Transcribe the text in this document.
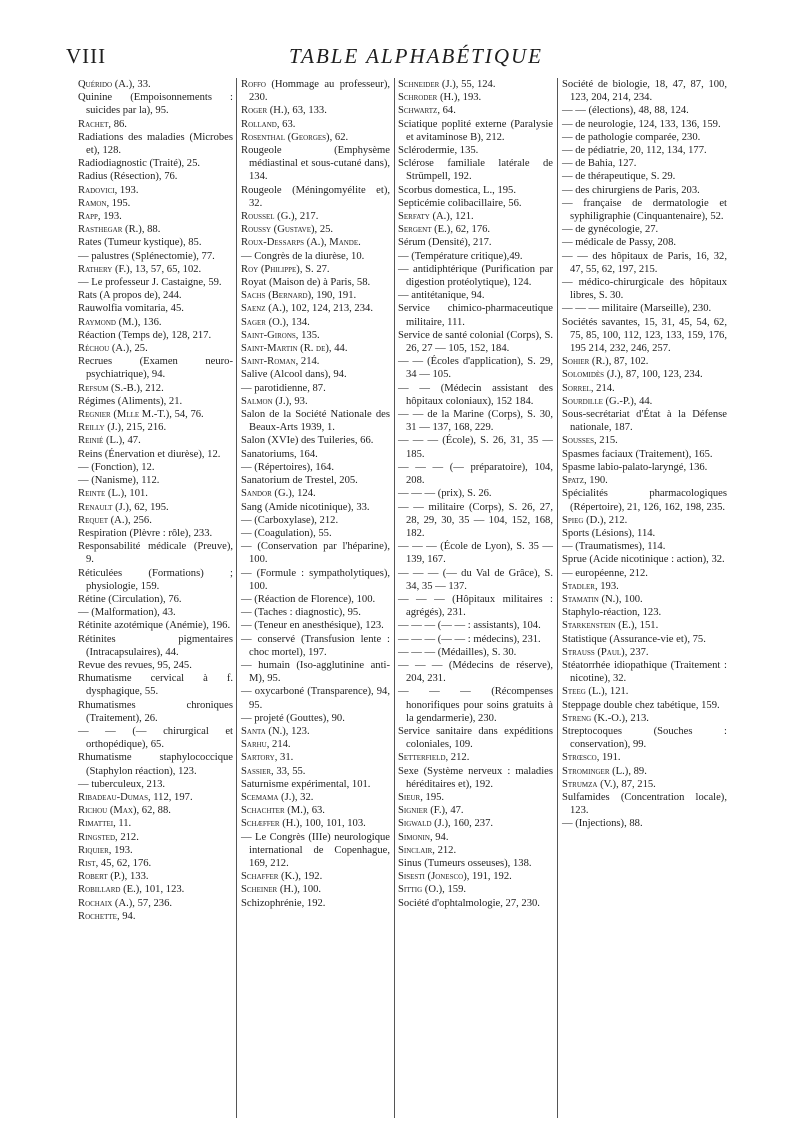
VIII	TABLE ALPHABÉTIQUE
Quérido (A.), 33.
Quinine (Empoisonnements : suicides par la), 95.
Rachet, 86.
Radiations des maladies (Microbes et), 128.
Radiodiagnostic (Traité), 25.
Radius (Résection), 76.
Radovici, 193.
Ramon, 195.
Rapp, 193.
Rasthegar (R.), 88.
Rates (Tumeur kystique), 85.
— palustres (Splénectomie), 77.
Rathery (F.), 13, 57, 65, 102.
— Le professeur J. Castaigne, 59.
Rats (A propos de), 244.
Rauwolfia vomitaria, 45.
Raymond (M.), 136.
Réaction (Temps de), 128, 217.
Réchou (A.), 25.
Recrues (Examen neuro-psychiatrique), 94.
Refsum (S.-B.), 212.
Régimes (Aliments), 21.
Regnier (Mlle M.-T.), 54, 76.
Reilly (J.), 215, 216.
Reinié (L.), 47.
Reins (Énervation et diurèse), 12.
— (Fonction), 12.
— (Nanisme), 112.
Reinte (L.), 101.
Renault (J.), 62, 195.
Requet (A.), 256.
Respiration (Plèvre : rôle), 233.
Responsabilité médicale (Preuve), 9.
Réticulées (Formations) ; physiologie, 159.
Rétine (Circulation), 76.
— (Malformation), 43.
Rétinite azotémique (Anémie), 196.
Rétinites pigmentaires (Intracapsulaires), 44.
Revue des revues, 95, 245.
Rhumatisme cervical à f. dysphagique, 55.
Rhumatismes chroniques (Traitement), 26.
— — (— chirurgical et orthopédique), 65.
Rhumatisme staphylococcique (Staphylon réaction), 123.
— tuberculeux, 213.
Ribadeau-Dumas, 112, 197.
Richou (Max), 62, 88.
Rimattei, 11.
Ringsted, 212.
Riquier, 193.
Rist, 45, 62, 176.
Robert (P.), 133.
Robillard (E.), 101, 123.
Rochaix (A.), 57, 236.
Rochette, 94.
Roffo (Hommage au professeur), 230.
Roger (H.), 63, 133.
Rolland, 63.
Rosenthal (Georges), 62.
Rougeole (Emphysème médiastinal et sous-cutané dans), 134.
Rougeole (Méningomyélite et), 32.
Roussel (G.), 217.
Roussy (Gustave), 25.
Roux-Dessarps (A.), Mande.
— Congrès de la diurèse, 10.
Roy (Philippe), S. 27.
Royat (Maison de) à Paris, 58.
Sachs (Bernard), 190, 191.
Saenz (A.), 102, 124, 213, 234.
Sager (O.), 134.
Saint-Girons, 135.
Saint-Martin (R. de), 44.
Saint-Roman, 214.
Salive (Alcool dans), 94.
— parotidienne, 87.
Salmon (J.), 93.
Salon de la Société Nationale des Beaux-Arts 1939, 1.
Salon (XVIe) des Tuileries, 66.
Sanatoriums, 164.
— (Répertoires), 164.
Sanatorium de Trestel, 205.
Sandor (G.), 124.
Sang (Amide nicotinique), 33.
— (Carboxylase), 212.
— (Coagulation), 55.
— (Conservation par l'héparine), 100.
— (Formule : sympatholytiques), 100.
— (Réaction de Florence), 100.
— (Taches : diagnostic), 95.
— (Teneur en anesthésique), 123.
— conservé (Transfusion lente : choc mortel), 197.
— humain (Iso-agglutinine anti-M), 95.
— oxycarboné (Transparence), 94, 95.
— projeté (Gouttes), 90.
Santa (N.), 123.
Sarhu, 214.
Sartory, 31.
Sassier, 33, 55.
Saturnisme expérimental, 101.
Scemama (J.), 32.
Schachter (M.), 63.
Schæffer (H.), 100, 101, 103.
— Le Congrès (IIIe) neurologique international de Copenhague, 169, 212.
Schaffer (K.), 192.
Scheiner (H.), 100.
Schizophrénie, 192.
Schneider (J.), 55, 124.
Schroder (H.), 193.
Schwartz, 64.
Sciatique poplité externe (Paralysie et avitaminose B), 212.
Sclérodermie, 135.
Sclérose familiale latérale de Strümpell, 192.
Scorbus domestica, L., 195.
Septicémie colibacillaire, 56.
Serfaty (A.), 121.
Sergent (E.), 62, 176.
Sérum (Densité), 217.
— (Température critique),49.
— antidiphtérique (Purification par digestion protéolytique), 124.
— antitétanique, 94.
Service chimico-pharmaceutique militaire, 111.
Service de santé colonial (Corps), S. 26, 27 — 105, 152, 184.
— — (Écoles d'application), S. 29, 34 — 105.
— — (Médecin assistant des hôpitaux coloniaux), 152 184.
— — de la Marine (Corps), S. 30, 31 — 137, 168, 229.
— — — (École), S. 26, 31, 35 — 185.
— — — (— préparatoire), 104, 208.
— — — (prix), S. 26.
— — militaire (Corps), S. 26, 27, 28, 29, 30, 35 — 104, 152, 168, 182.
— — — (École de Lyon), S. 35 — 139, 167.
— — — (— du Val de Grâce), S. 34, 35 — 137.
— — — (Hôpitaux militaires : agrégés), 231.
— — — (— — : assistants), 104.
— — — (— — : médecins), 231.
— — — (Médailles), S. 30.
— — — (Médecins de réserve), 204, 231.
— — — (Récompenses honorifiques pour soins gratuits à la gendarmerie), 230.
Service sanitaire dans expéditions coloniales, 109.
Setterfield, 212.
Sexe (Système nerveux : maladies héréditaires et), 192.
Sieur, 195.
Signier (F.), 47.
Sigwald (J.), 160, 237.
Simonin, 94.
Sinclair, 212.
Sinus (Tumeurs osseuses), 138.
Sisesti (Jonesco), 191, 192.
Sittig (O.), 159.
Société d'ophtalmologie, 27, 230.
Société de biologie, 18, 47, 87, 100, 123, 204, 214, 234.
— — (élections), 48, 88, 124.
— de neurologie, 124, 133, 136, 159.
— de pathologie comparée, 230.
— de pédiatrie, 20, 112, 134, 177.
— de Bahia, 127.
— de thérapeutique, S. 29.
— des chirurgiens de Paris, 203.
— française de dermatologie et syphiligraphie (Cinquantenaire), 52.
— de gynécologie, 27.
— médicale de Passy, 208.
— — des hôpitaux de Paris, 16, 32, 47, 55, 62, 197, 215.
— médico-chirurgicale des hôpitaux libres, S. 30.
— — — militaire (Marseille), 230.
Sociétés savantes, 15, 31, 45, 54, 62, 75, 85, 100, 112, 123, 133, 159, 176, 195 214, 232, 246, 257.
Sohier (R.), 87, 102.
Solomidès (J.), 87, 100, 123, 234.
Sorrel, 214.
Sourdille (G.-P.), 44.
Sous-secrétariat d'État à la Défense nationale, 187.
Sousses, 215.
Spasmes faciaux (Traitement), 165.
Spasme labio-palato-laryngé, 136.
Spatz, 190.
Spécialités pharmacologiques (Répertoire), 21, 126, 162, 198, 235.
Spieg (D.), 212.
Sports (Lésions), 114.
— (Traumatismes), 114.
Sprue (Acide nicotinique : action), 32.
— européenne, 212.
Stadler, 193.
Stamatin (N.), 100.
Staphylo-réaction, 123.
Starkenstein (E.), 151.
Statistique (Assurance-vie et), 75.
Strauss (Paul), 237.
Stéatorrhée idiopathique (Traitement : nicotine), 32.
Steeg (L.), 121.
Steppage double chez tabétique, 159.
Streng (K.-O.), 213.
Streptocoques (Souches : conservation), 99.
Strœsco, 191.
Strominger (L.), 89.
Strumza (V.), 87, 215.
Sulfamides (Concentration locale), 123.
— (Injections), 88.
